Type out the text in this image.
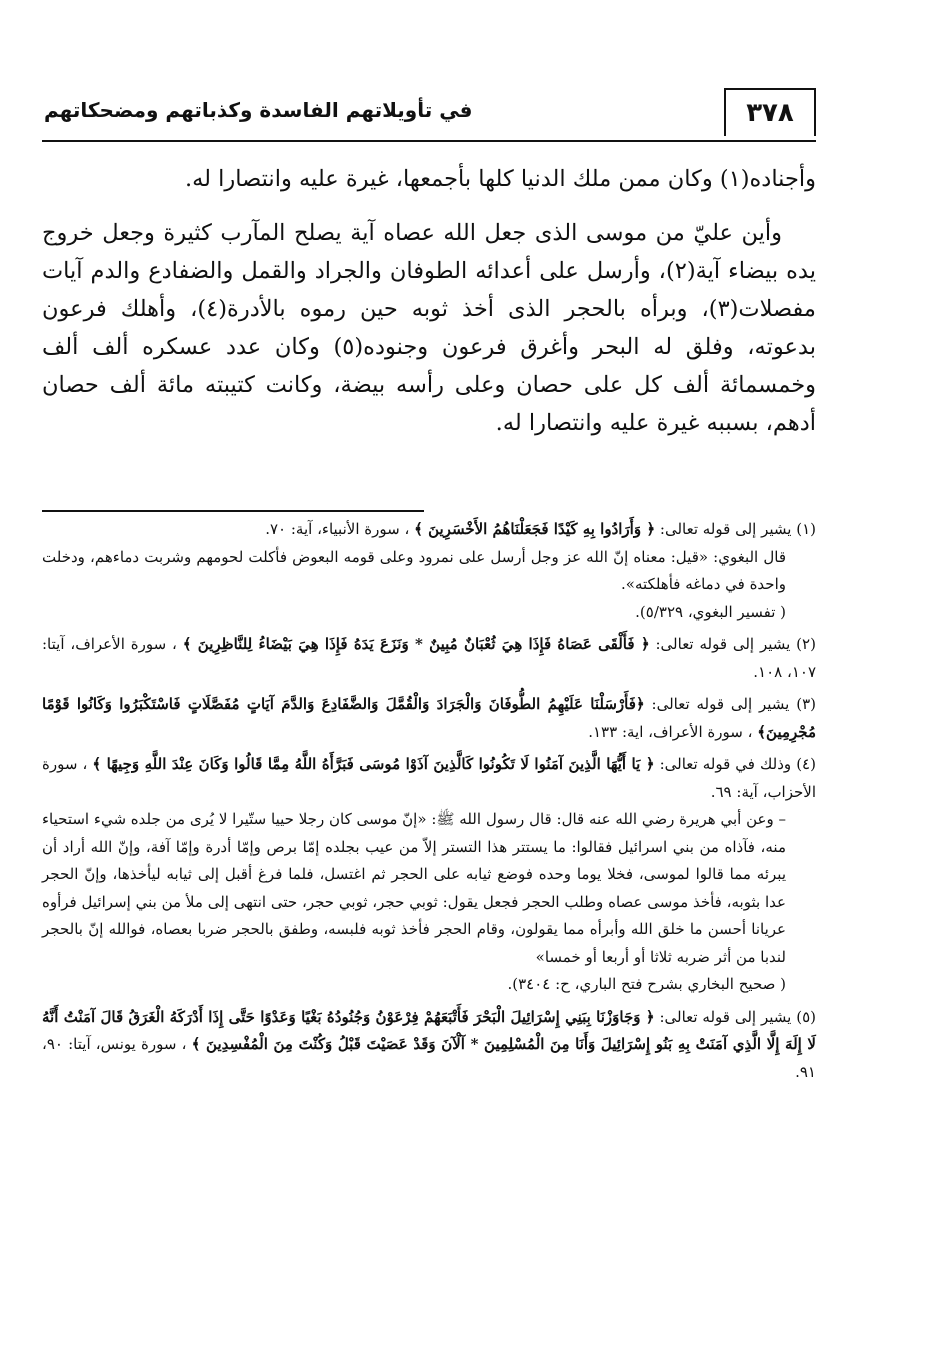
٣٧٨
في تأويلاتهم الفاسدة وكذباتهم ومضحكاتهم

وأجناده(١) وكان ممن ملك الدنيا كلها بأجمعها، غيرة عليه وانتصارا له.

وأين عليّ من موسى الذى جعل الله عصاه آية يصلح المآرب كثيرة وجعل خروج يده بيضاء آية(٢)، وأرسل على أعدائه الطوفان والجراد والقمل والضفادع والدم آيات مفصلات(٣)، وبرأه بالحجر الذى أخذ ثوبه حين رموه بالأدرة(٤)، وأهلك فرعون بدعوته، وفلق له البحر وأغرق فرعون وجنوده(٥) وكان عدد عسكره ألف ألف وخمسمائة ألف كل على حصان وعلى رأسه بيضة، وكانت كتيبته مائة ألف حصان أدهم، بسببه غيرة عليه وانتصارا له.

(١) يشير إلى قوله تعالى: ﴿ وَأَرَادُوا بِهِ كَيْدًا فَجَعَلْنَاهُمُ الأَخْسَرِينَ ﴾ ، سورة الأنبياء، آية: ٧٠.

قال البغوي: «قيل: معناه إنّ الله عز وجل أرسل على نمرود وعلى قومه البعوض فأكلت لحومهم وشربت دماءهم، ودخلت واحدة في دماغه فأهلكته».

( تفسير البغوي، ٥/٣٢٩).

(٢) يشير إلى قوله تعالى: ﴿ فَأَلْقَى عَصَاهُ فَإِذَا هِيَ ثُعْبَانٌ مُبِينٌ * وَنَزَعَ يَدَهُ فَإِذَا هِيَ بَيْضَاءُ لِلنَّاظِرِينَ ﴾ ، سورة الأعراف، آيتا: ١٠٧، ١٠٨.

(٣) يشير إلى قوله تعالى: ﴿فَأَرْسَلْنَا عَلَيْهِمُ الطُّوفَانَ وَالْجَرَادَ وَالْقُمَّلَ وَالضَّفَادِعَ وَالدَّمَ آيَاتٍ مُفَصَّلَاتٍ فَاسْتَكْبَرُوا وَكَانُوا قَوْمًا مُجْرِمِينَ﴾ ، سورة الأعراف، اية: ١٣٣.

(٤) وذلك في قوله تعالى: ﴿ يَا أَيُّهَا الَّذِينَ آمَنُوا لَا تَكُونُوا كَالَّذِينَ آذَوْا مُوسَى فَبَرَّأَهُ اللَّهُ مِمَّا قَالُوا وَكَانَ عِنْدَ اللَّهِ وَجِيهًا ﴾ ، سورة الأحزاب، آية: ٦٩.

– وعن أبي هريرة رضي الله عنه قال: قال رسول الله ﷺ: «إنّ موسى كان رجلا حييا ستّيرا لا يُرى من جلده شيء استحياء منه، فآذاه من بني اسرائيل فقالوا: ما يستتر هذا التستر إلاّ من عيب بجلده إمّا برص وإمّا أدرة وإمّا آفة، وإنّ الله أراد أن يبرئه مما قالوا لموسى، فخلا يوما وحده فوضع ثيابه على الحجر ثم اغتسل، فلما فرغ أقبل إلى ثيابه ليأخذها، وإنّ الحجر عدا بثوبه، فأخذ موسى عصاه وطلب الحجر فجعل يقول: ثوبي حجر، ثوبي حجر، حتى انتهى إلى ملأ من بني إسرائيل فرأوه عريانا أحسن ما خلق الله وأبرأه مما يقولون، وقام الحجر فأخذ ثوبه فلبسه، وطفق بالحجر ضربا بعصاه، فوالله إنّ بالحجر لندبا من أثر ضربه ثلاثا أو أربعا أو خمسا»

( صحيح البخاري بشرح فتح الباري، ح: ٣٤٠٤).

(٥) يشير إلى قوله تعالى: ﴿ وَجَاوَزْنَا بِبَنِي إِسْرَائِيلَ الْبَحْرَ فَأَتْبَعَهُمْ فِرْعَوْنُ وَجُنُودُهُ بَغْيًا وَعَدْوًا حَتَّى إِذَا أَدْرَكَهُ الْغَرَقُ قَالَ آمَنْتُ أَنَّهُ لَا إِلَهَ إِلَّا الَّذِي آمَنَتْ بِهِ بَنُو إِسْرَائِيلَ وَأَنَا مِنَ الْمُسْلِمِينَ * آلْآنَ وَقَدْ عَصَيْتَ قَبْلُ وَكُنْتَ مِنَ الْمُفْسِدِينَ ﴾ ، سورة يونس، آيتا: ٩٠، ٩١.
